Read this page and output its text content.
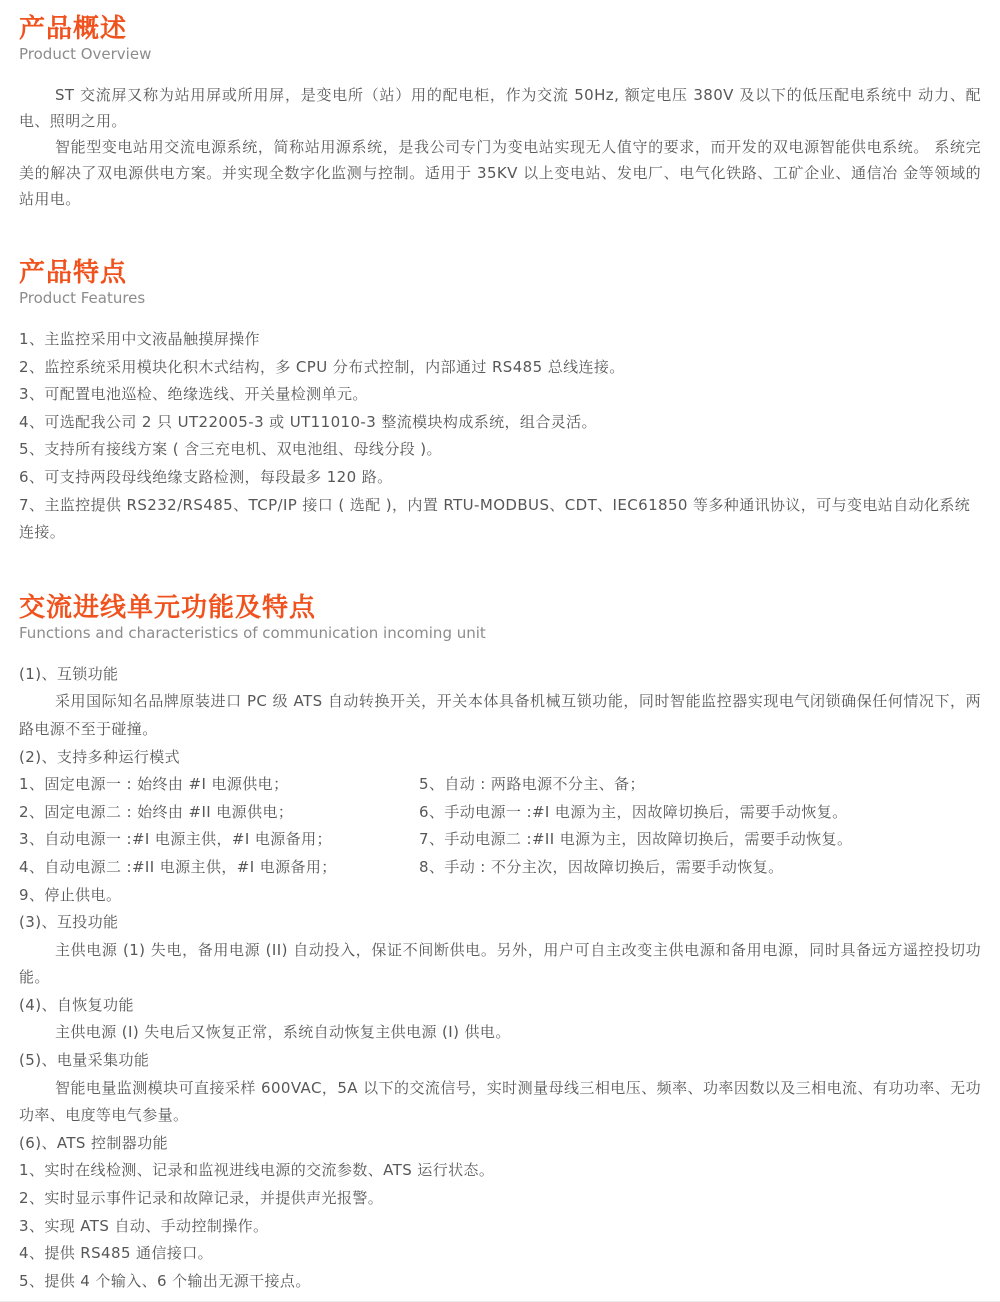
产品概述
Product Overview

ST 交流屏又称为站用屏或所用屏，是变电所（站）用的配电柜，作为交流 50Hz, 额定电压 380V 及以下的低压配电系统中 动力、配电、照明之用。

智能型变电站用交流电源系统，简称站用源系统，是我公司专门为变电站实现无人值守的要求，而开发的双电源智能供电系统。 系统完美的解决了双电源供电方案。并实现全数字化监测与控制。适用于 35KV 以上变电站、发电厂、电气化铁路、工矿企业、通信冶 金等领域的站用电。

产品特点
Product Features
1、主监控采用中文液晶触摸屏操作
2、监控系统采用模块化积木式结构，多 CPU 分布式控制，内部通过 RS485 总线连接。
3、可配置电池巡检、绝缘选线、开关量检测单元。
4、可选配我公司 2 只 UT22005-3 或 UT11010-3 整流模块构成系统，组合灵活。
5、支持所有接线方案 ( 含三充电机、双电池组、母线分段 )。
6、可支持两段母线绝缘支路检测，每段最多 120 路。
7、主监控提供 RS232/RS485、TCP/IP 接口 ( 选配 )，内置 RTU-MODBUS、CDT、IEC61850 等多种通讯协议，可与变电站自动化系统连接。
交流进线单元功能及特点
Functions and characteristics of communication incoming unit
(1)、互锁功能

采用国际知名品牌原装进口 PC 级 ATS 自动转换开关，开关本体具备机械互锁功能，同时智能监控器实现电气闭锁确保任何情况下，两路电源不至于碰撞。

(2)、支持多种运行模式
1、固定电源一 : 始终由 #I 电源供电；
2、固定电源二 : 始终由 #II 电源供电；
3、自动电源一 :#I 电源主供，#I 电源备用；
4、自动电源二 :#II 电源主供，#I 电源备用；
5、自动 : 两路电源不分主、备；
6、手动电源一 :#I 电源为主，因故障切换后，需要手动恢复。
7、手动电源二 :#II 电源为主，因故障切换后，需要手动恢复。
8、手动 : 不分主次，因故障切换后，需要手动恢复。
9、停止供电。
(3)、互投功能

主供电源 (1) 失电，备用电源 (II) 自动投入，保证不间断供电。另外，用户可自主改变主供电源和备用电源，同时具备远方遥控投切功能。

(4)、自恢复功能

主供电源 (I) 失电后又恢复正常，系统自动恢复主供电源 (I) 供电。

(5)、电量采集功能

智能电量监测模块可直接采样 600VAC，5A 以下的交流信号，实时测量母线三相电压、频率、功率因数以及三相电流、有功功率、无功功率、电度等电气参量。

(6)、ATS 控制器功能
1、实时在线检测、记录和监视进线电源的交流参数、ATS 运行状态。
2、实时显示事件记录和故障记录，并提供声光报警。
3、实现 ATS 自动、手动控制操作。
4、提供 RS485 通信接口。
5、提供 4 个输入、6 个输出无源干接点。
